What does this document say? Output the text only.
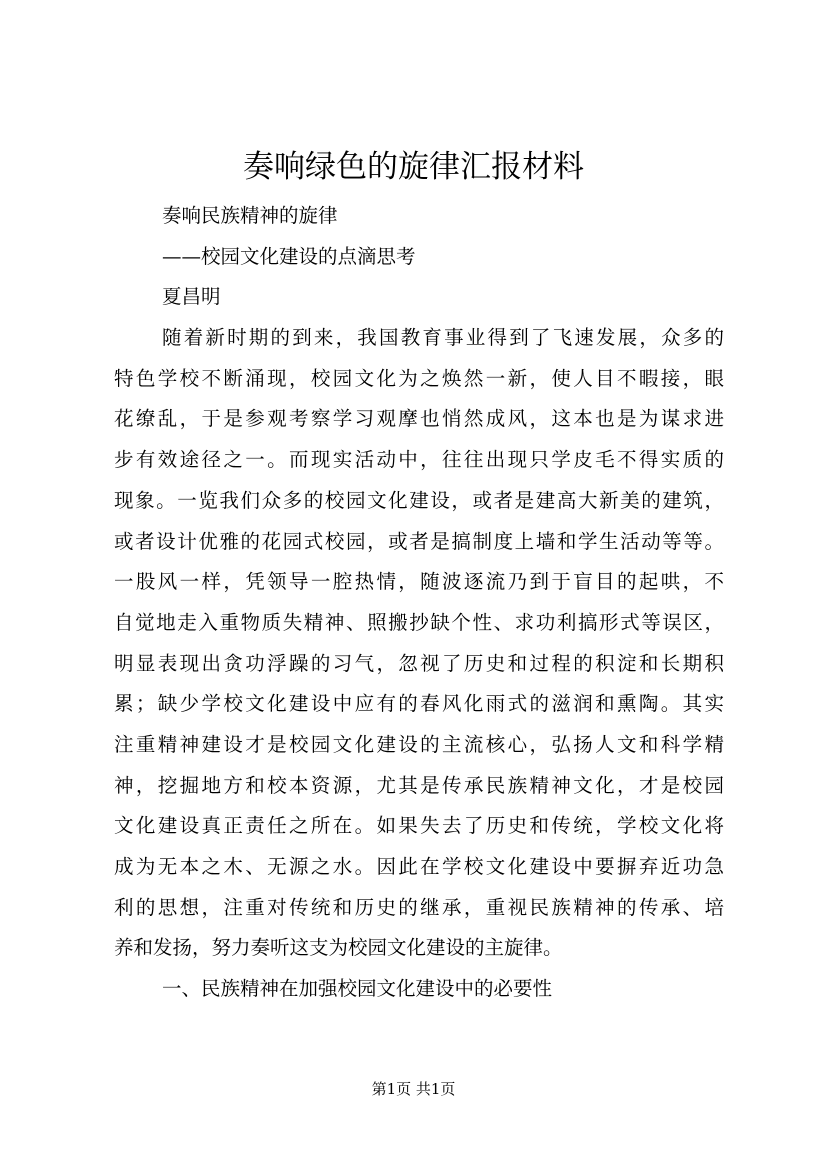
奏响绿色的旋律汇报材料
奏响民族精神的旋律
——校园文化建设的点滴思考
夏昌明
随着新时期的到来，我国教育事业得到了飞速发展，众多的
特色学校不断涌现，校园文化为之焕然一新，使人目不暇接，眼
花缭乱，于是参观考察学习观摩也悄然成风，这本也是为谋求进
步有效途径之一。而现实活动中，往往出现只学皮毛不得实质的
现象。一览我们众多的校园文化建设，或者是建高大新美的建筑，
或者设计优雅的花园式校园，或者是搞制度上墙和学生活动等等。
一股风一样，凭领导一腔热情，随波逐流乃到于盲目的起哄，不
自觉地走入重物质失精神、照搬抄缺个性、求功利搞形式等误区，
明显表现出贪功浮躁的习气，忽视了历史和过程的积淀和长期积
累；缺少学校文化建设中应有的春风化雨式的滋润和熏陶。其实
注重精神建设才是校园文化建设的主流核心，弘扬人文和科学精
神，挖掘地方和校本资源，尤其是传承民族精神文化，才是校园
文化建设真正责任之所在。如果失去了历史和传统，学校文化将
成为无本之木、无源之水。因此在学校文化建设中要摒弃近功急
利的思想，注重对传统和历史的继承，重视民族精神的传承、培
养和发扬，努力奏听这支为校园文化建设的主旋律。
一、民族精神在加强校园文化建设中的必要性
第1页 共1页
